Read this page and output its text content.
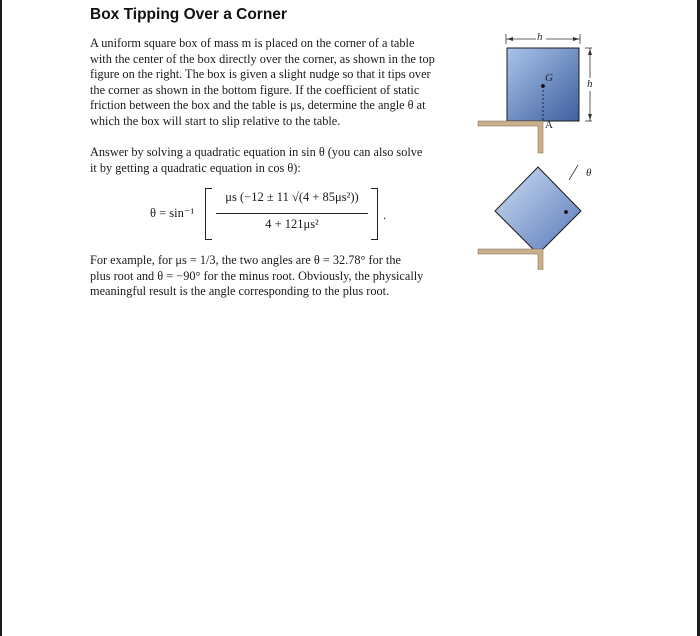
Box Tipping Over a Corner

A uniform square box of mass m is placed on the corner of a table
with the center of the box directly over the corner, as shown in the top
figure on the right. The box is given a slight nudge so that it tips over
the corner as shown in the bottom figure. If the coefficient of static
friction between the box and the table is μs, determine the angle θ at
which the box will start to slip relative to the table.

Answer by solving a quadratic equation in sin θ (you can also solve
it by getting a quadratic equation in cos θ):

θ = sin⁻¹
μs (−12 ± 11 √(4 + 85μs²))
4 + 121μs²
.

For example, for μs = 1/3, the two angles are θ = 32.78° for the
plus root and θ = −90° for the minus root. Obviously, the physically
meaningful result is the angle corresponding to the plus root.

h
h
G
A
θ
